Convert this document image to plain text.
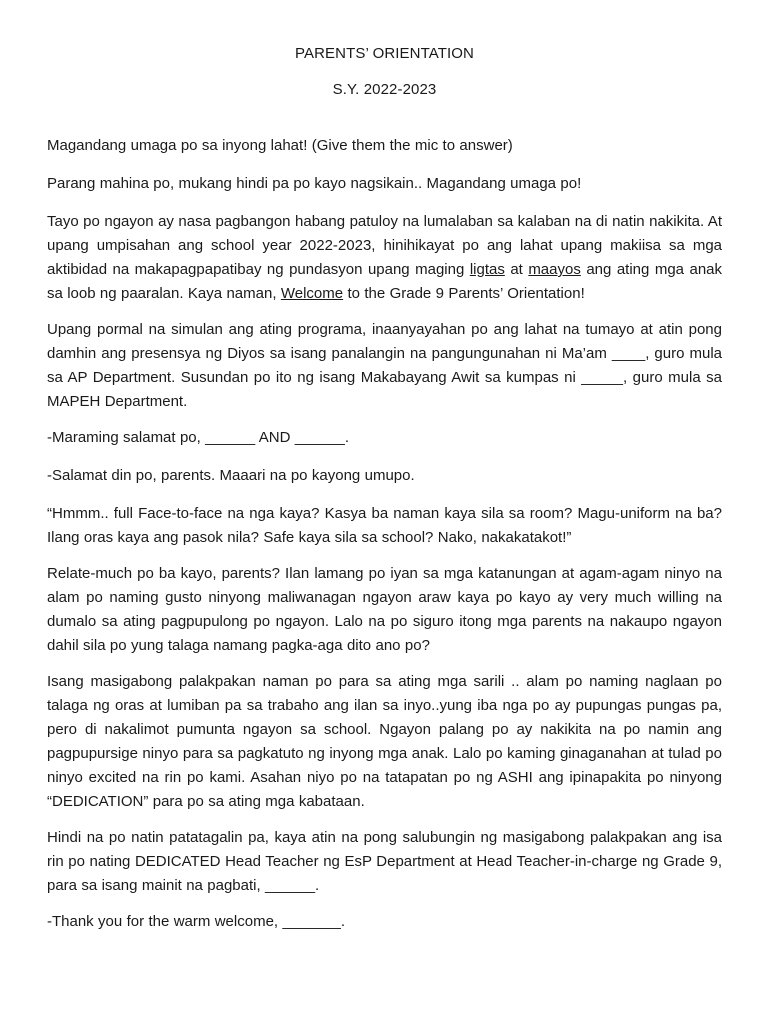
PARENTS’ ORIENTATION
S.Y. 2022-2023

Magandang umaga po sa inyong lahat! (Give them the mic to answer)

Parang mahina po, mukang hindi pa po kayo nagsikain.. Magandang umaga po!

Tayo po ngayon ay nasa pagbangon habang patuloy na lumalaban sa kalaban na di natin nakikita. At upang umpisahan ang school year 2022-2023, hinihikayat po ang lahat upang makiisa sa mga aktibidad na makapagpapatibay ng pundasyon upang maging ligtas at maayos ang ating mga anak sa loob ng paaralan. Kaya naman, Welcome to the Grade 9 Parents’ Orientation!

Upang pormal na simulan ang ating programa, inaanyayahan po ang lahat na tumayo at atin pong damhin ang presensya ng Diyos sa isang panalangin na pangungunahan ni Ma’am ____, guro mula sa AP Department. Susundan po ito ng isang Makabayang Awit sa kumpas ni _____, guro mula sa MAPEH Department.

-Maraming salamat po, ______ AND ______.

-Salamat din po, parents. Maaari na po kayong umupo.

“Hmmm.. full Face-to-face na nga kaya? Kasya ba naman kaya sila sa room? Magu-uniform na ba? Ilang oras kaya ang pasok nila? Safe kaya sila sa school? Nako, nakakatakot!”

Relate-much po ba kayo, parents? Ilan lamang po iyan sa mga katanungan at agam-agam ninyo na alam po naming gusto ninyong maliwanagan ngayon araw kaya po kayo ay very much willing na dumalo sa ating pagpupulong po ngayon. Lalo na po siguro itong mga parents na nakaupo ngayon dahil sila po yung talaga namang pagka-aga dito ano po?

Isang masigabong palakpakan naman po para sa ating mga sarili .. alam po naming naglaan po talaga ng oras at lumiban pa sa trabaho ang ilan sa inyo..yung iba nga po ay pupungas pungas pa, pero di nakalimot pumunta ngayon sa school. Ngayon palang po ay nakikita na po namin ang pagpupursige ninyo para sa pagkatuto ng inyong mga anak. Lalo po kaming ginaganahan at tulad po ninyo excited na rin po kami. Asahan niyo po na tatapatan po ng ASHI ang ipinapakita po ninyong “DEDICATION” para po sa ating mga kabataan.

Hindi na po natin patatagalin pa, kaya atin na pong salubungin ng masigabong palakpakan ang isa rin po nating DEDICATED Head Teacher ng EsP Department at Head Teacher-in-charge ng Grade 9, para sa isang mainit na pagbati, ______.

-Thank you for the warm welcome, _______.
